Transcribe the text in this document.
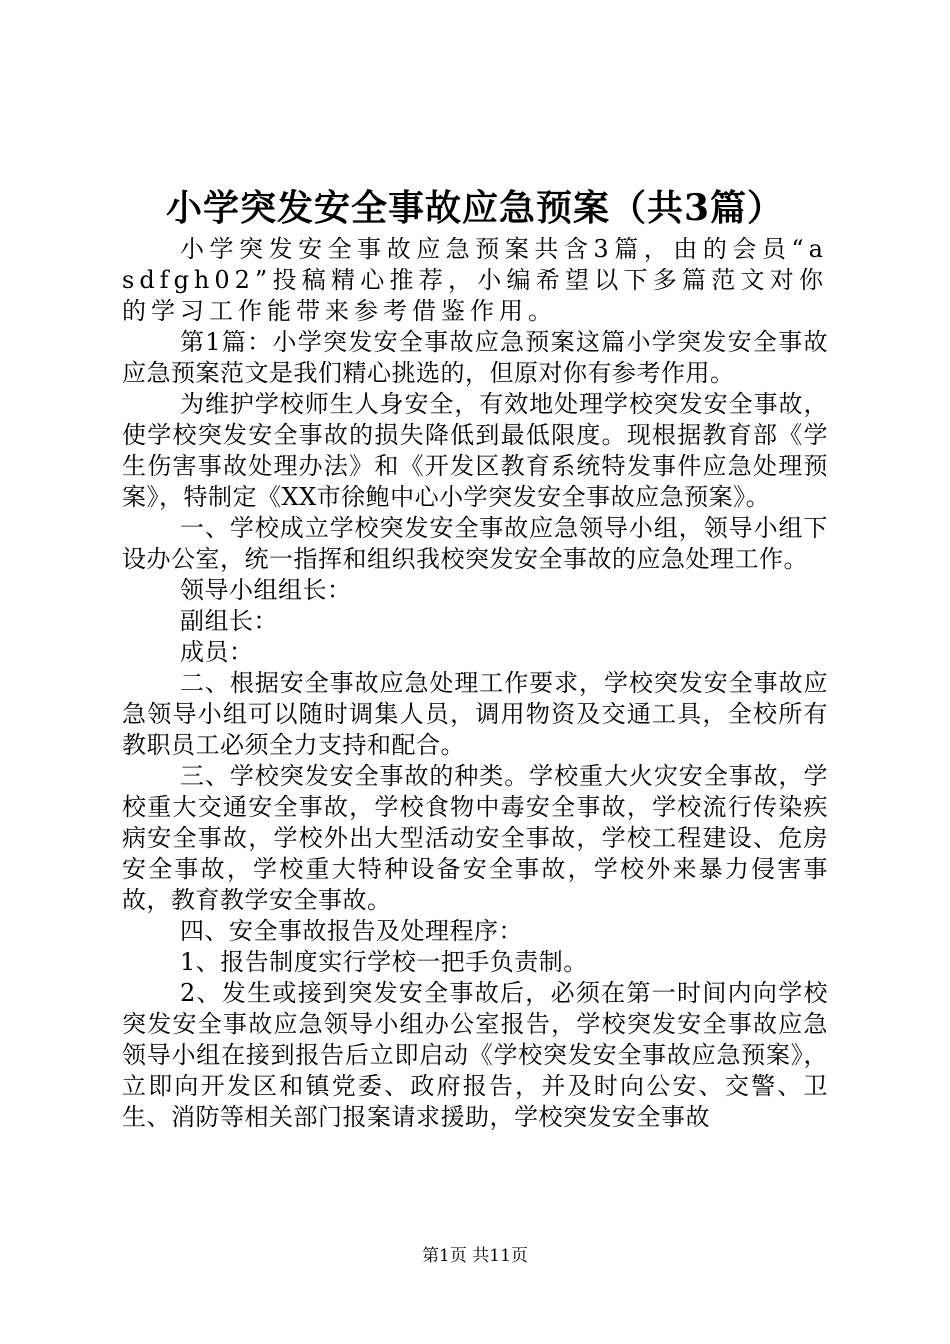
小学突发安全事故应急预案（共3篇）

小学突发安全事故应急预案共含3篇，由的会员“asdfgh02”投稿精心推荐，小编希望以下多篇范文对你的学习工作能带来参考借鉴作用。

第1篇：小学突发安全事故应急预案这篇小学突发安全事故应急预案范文是我们精心挑选的，但原对你有参考作用。

为维护学校师生人身安全，有效地处理学校突发安全事故，使学校突发安全事故的损失降低到最低限度。现根据教育部《学生伤害事故处理办法》和《开发区教育系统特发事件应急处理预案》，特制定《XX市徐鲍中心小学突发安全事故应急预案》。

一、学校成立学校突发安全事故应急领导小组，领导小组下设办公室，统一指挥和组织我校突发安全事故的应急处理工作。

领导小组组长：

副组长：

成员：

二、根据安全事故应急处理工作要求，学校突发安全事故应急领导小组可以随时调集人员，调用物资及交通工具，全校所有教职员工必须全力支持和配合。

三、学校突发安全事故的种类。学校重大火灾安全事故，学校重大交通安全事故，学校食物中毒安全事故，学校流行传染疾病安全事故，学校外出大型活动安全事故，学校工程建设、危房安全事故，学校重大特种设备安全事故，学校外来暴力侵害事故，教育教学安全事故。

四、安全事故报告及处理程序：

1、报告制度实行学校一把手负责制。

2、发生或接到突发安全事故后，必须在第一时间内向学校突发安全事故应急领导小组办公室报告，学校突发安全事故应急领导小组在接到报告后立即启动《学校突发安全事故应急预案》，立即向开发区和镇党委、政府报告，并及时向公安、交警、卫生、消防等相关部门报案请求援助，学校突发安全事故

第1页 共11页
